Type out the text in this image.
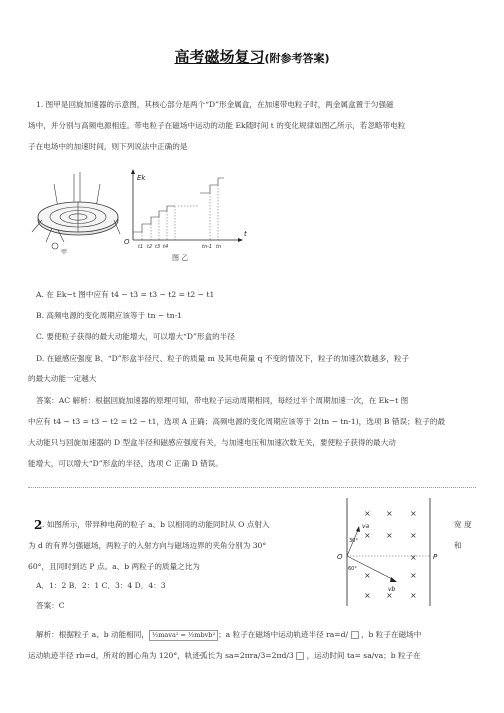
高考磁场复习(附参考答案)
1. 图甲是回旋加速器的示意图，其核心部分是两个“D”形金属盒，在加速带电粒子时，两金属盒置于匀强磁
场中，并分别与高频电源相连。带电粒子在磁场中运动的动能 Ek随时间 t 的变化规律如图乙所示，若忽略带电粒
子在电场中的加速时间，则下列说法中正确的是
甲
Ek
t
O
t1 t2 t3 t4	tn-1 tn
图 乙
A. 在 Ek−t 图中应有 t4 − t3 = t3 − t2 = t2 − t1
B. 高频电源的变化周期应该等于 tn − tn-1
C. 要使粒子获得的最大动能增大，可以增大“D”形盒的半径
D. 在磁感应强度 B、“D”形盒半径尺、粒子的质量 m 及其电荷量 q 不变的情况下，粒子的加速次数越多，粒子
的最大动能一定越大
答案：AC 解析：根据回旋加速器的原理可知，带电粒子运动周期相同，每经过半个周期加速一次，在 Ek−t 图
中应有 t4 − t3 = t3 − t2 = t2 − t1，选项 A 正确；高频电源的变化周期应该等于 2(tn − tn-1)，选项 B 错误；粒子的最
大动能只与回旋加速器的 D 型盒半径和磁感应强度有关，与加速电压和加速次数无关，要使粒子获得的最大动
能增大，可以增大“D”形盒的半径，选项 C 正确 D 错误。
2 . 如图所示，带异种电荷的粒子 a、b 以相同的动能同时从 O 点射入	宽 度
为 d 的有界匀强磁场，两粒子的入射方向与磁场边界的夹角分别为 30°	和
60°，且同时到达 P 点。a、b 两粒子的质量之比为
A．1：2 B．2：1 C．3：4 D．4：3
答案：C
× × ×
× × ×
×
×	×
× × ×
va
vb
30°
60°
O	P
解析：根据粒子 a、b 动能相同， ½mava² = ½mbvb² ；a 粒子在磁场中运动轨迹半径 ra=d/ ，b 粒子在磁场中
运动轨迹半径 rb=d，所对的圆心角为 120°，轨迹弧长为 sa=2πra/3=2πd/3 ，运动时间 ta= sa/va；b 粒子在
